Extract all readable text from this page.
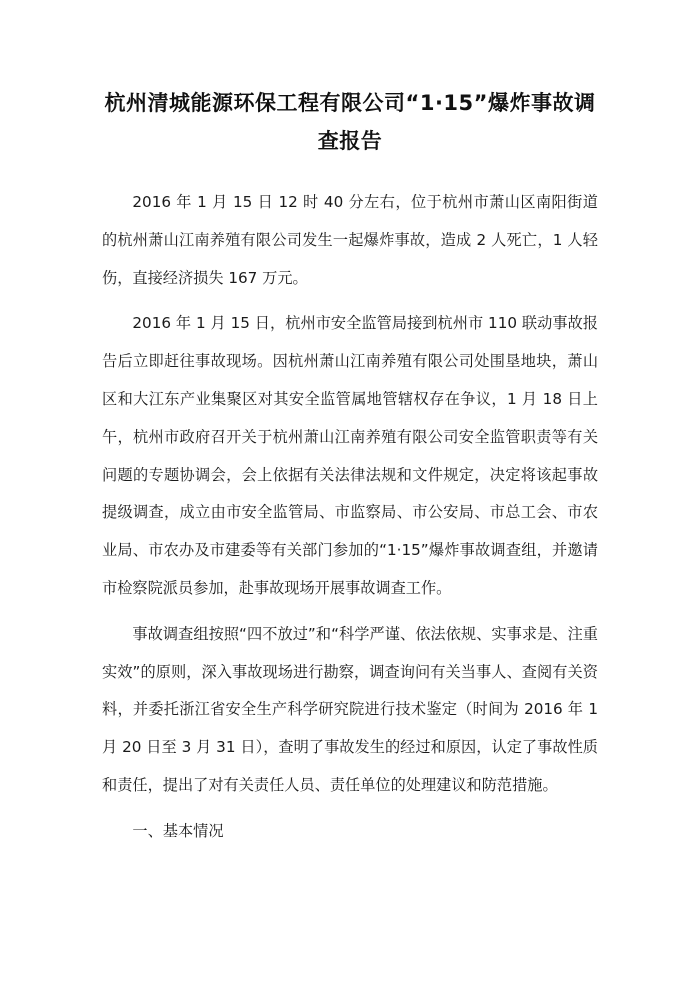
杭州清城能源环保工程有限公司“1·15”爆炸事故调查报告

2016 年 1 月 15 日 12 时 40 分左右，位于杭州市萧山区南阳街道的杭州萧山江南养殖有限公司发生一起爆炸事故，造成 2 人死亡，1 人轻伤，直接经济损失 167 万元。

2016 年 1 月 15 日，杭州市安全监管局接到杭州市 110 联动事故报告后立即赶往事故现场。因杭州萧山江南养殖有限公司处围垦地块，萧山区和大江东产业集聚区对其安全监管属地管辖权存在争议，1 月 18 日上午，杭州市政府召开关于杭州萧山江南养殖有限公司安全监管职责等有关问题的专题协调会，会上依据有关法律法规和文件规定，决定将该起事故提级调查，成立由市安全监管局、市监察局、市公安局、市总工会、市农业局、市农办及市建委等有关部门参加的“1·15”爆炸事故调查组，并邀请市检察院派员参加，赴事故现场开展事故调查工作。

事故调查组按照“四不放过”和“科学严谨、依法依规、实事求是、注重实效”的原则，深入事故现场进行勘察，调查询问有关当事人、查阅有关资料，并委托浙江省安全生产科学研究院进行技术鉴定（时间为 2016 年 1 月 20 日至 3 月 31 日），查明了事故发生的经过和原因，认定了事故性质和责任，提出了对有关责任人员、责任单位的处理建议和防范措施。

一、基本情况
